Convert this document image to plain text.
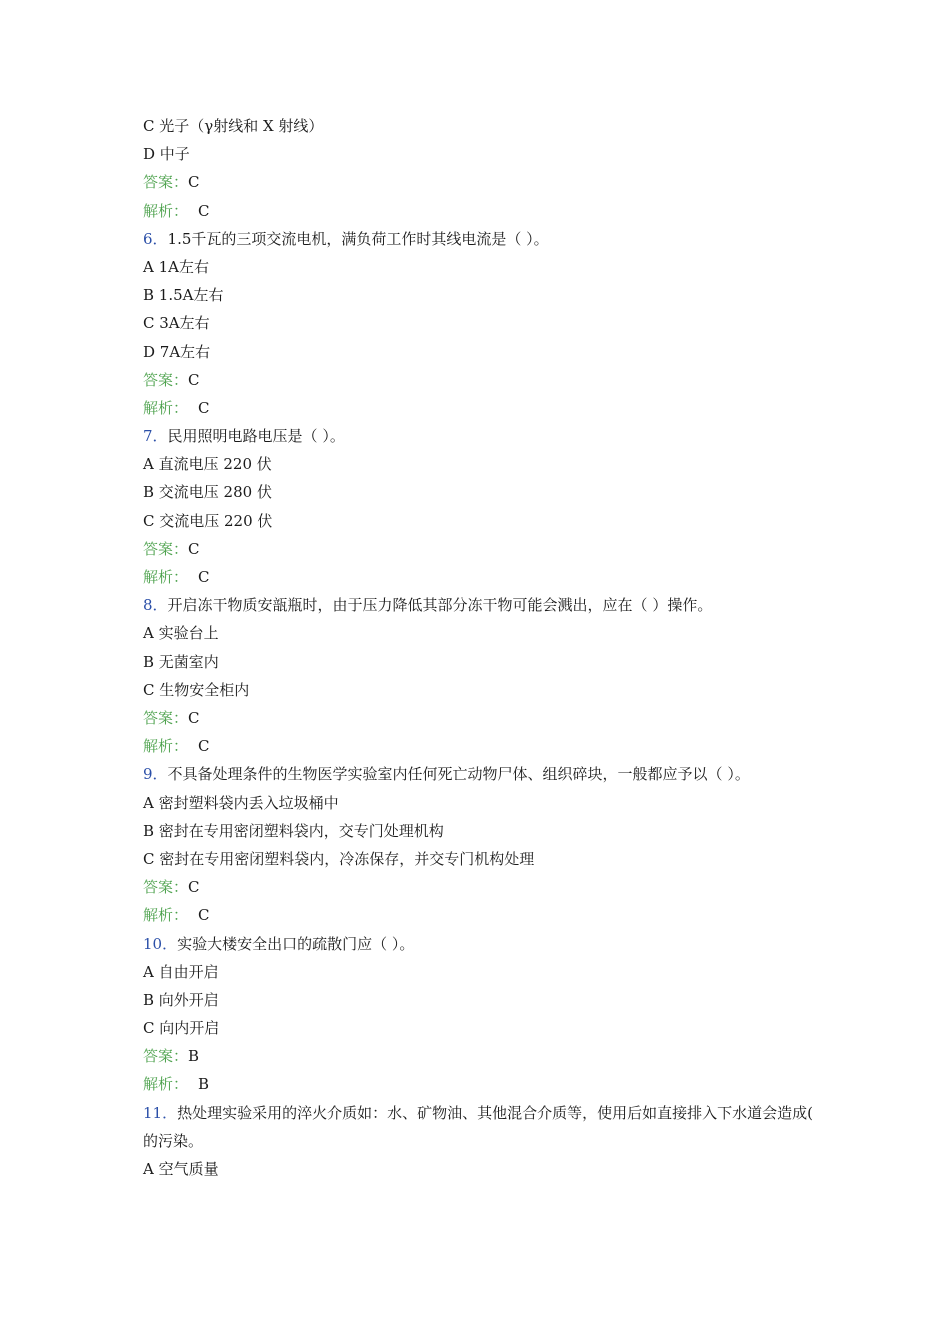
C 光子（γ射线和 X 射线）
D 中子
答案：C
解析： C
6．1.5千瓦的三项交流电机，满负荷工作时其线电流是（ ）。
A 1A左右
B 1.5A左右
C 3A左右
D 7A左右
答案：C
解析： C
7．民用照明电路电压是（ ）。
A 直流电压 220 伏
B 交流电压 280 伏
C 交流电压 220 伏
答案：C
解析： C
8．开启冻干物质安瓿瓶时，由于压力降低其部分冻干物可能会溅出，应在（ ）操作。
A 实验台上
B 无菌室内
C 生物安全柜内
答案：C
解析： C
9．不具备处理条件的生物医学实验室内任何死亡动物尸体、组织碎块，一般都应予以（ ）。
A 密封塑料袋内丢入垃圾桶中
B 密封在专用密闭塑料袋内，交专门处理机构
C 密封在专用密闭塑料袋内，冷冻保存，并交专门机构处理
答案：C
解析： C
10．实验大楼安全出口的疏散门应（ ）。
A 自由开启
B 向外开启
C 向内开启
答案：B
解析： B
11．热处理实验采用的淬火介质如：水、矿物油、其他混合介质等，使用后如直接排入下水道会造成( 的污染。
A 空气质量
